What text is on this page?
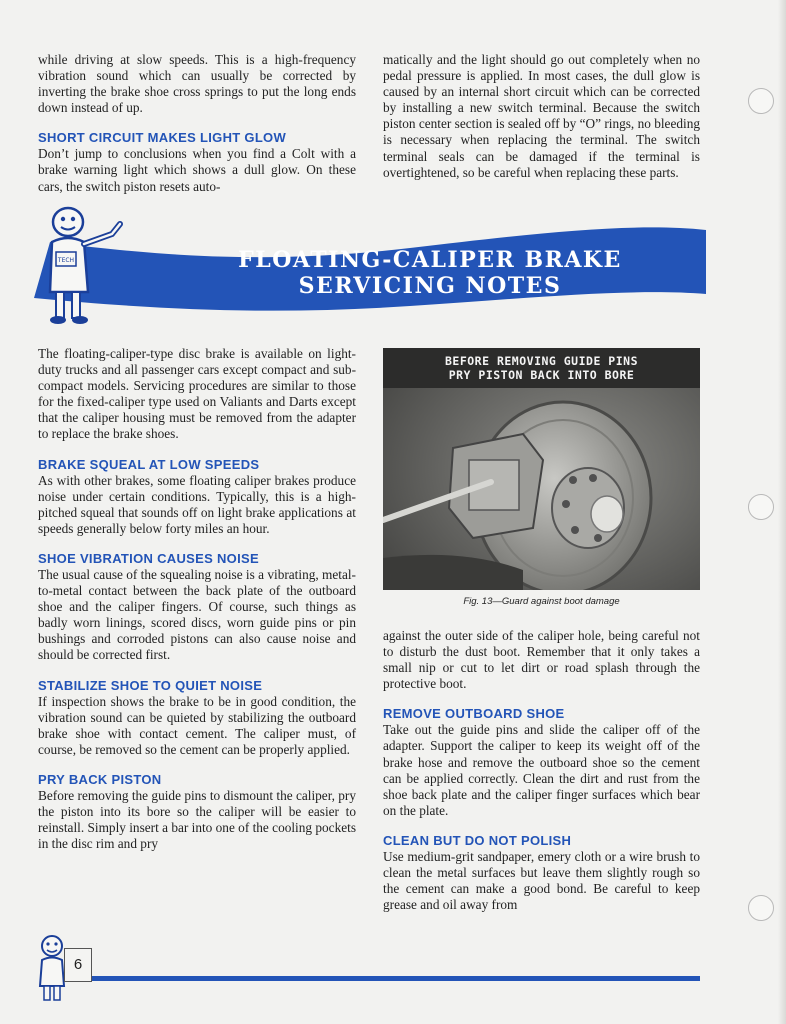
while driving at slow speeds. This is a high-frequency vibration sound which can usually be corrected by inverting the brake shoe cross springs to put the long ends down instead of up.

SHORT CIRCUIT MAKES LIGHT GLOW

Don’t jump to conclusions when you find a Colt with a brake warning light which shows a dull glow. On these cars, the switch piston resets auto-

matically and the light should go out completely when no pedal pressure is applied. In most cases, the dull glow is caused by an internal short circuit which can be corrected by installing a new switch terminal. Because the switch piston center section is sealed off by “O” rings, no bleeding is necessary when replacing the terminal. The switch terminal seals can be damaged if the terminal is overtightened, so be careful when replacing these parts.

TECH	FLOATING-CALIPER BRAKE
SERVICING NOTES

The floating-caliper-type disc brake is available on light-duty trucks and all passenger cars except compact and sub-compact models. Servicing procedures are similar to those for the fixed-caliper type used on Valiants and Darts except that the caliper housing must be removed from the adapter to replace the brake shoes.

BRAKE SQUEAL AT LOW SPEEDS

As with other brakes, some floating caliper brakes produce noise under certain conditions. Typically, this is a high-pitched squeal that sounds off on light brake applications at speeds generally below forty miles an hour.

SHOE VIBRATION CAUSES NOISE

The usual cause of the squealing noise is a vibrating, metal-to-metal contact between the back plate of the outboard shoe and the caliper fingers. Of course, such things as badly worn linings, scored discs, worn guide pins or pin bushings and corroded pistons can also cause noise and should be corrected first.

STABILIZE SHOE TO QUIET NOISE

If inspection shows the brake to be in good condition, the vibration sound can be quieted by stabilizing the outboard brake shoe with contact cement. The caliper must, of course, be removed so the cement can be properly applied.

PRY BACK PISTON

Before removing the guide pins to dismount the caliper, pry the piston into its bore so the caliper will be easier to reinstall. Simply insert a bar into one of the cooling pockets in the disc rim and pry

BEFORE REMOVING GUIDE PINS
PRY PISTON BACK INTO BORE
Fig. 13—Guard against boot damage

against the outer side of the caliper hole, being careful not to disturb the dust boot. Remember that it only takes a small nip or cut to let dirt or road splash through the protective boot.

REMOVE OUTBOARD SHOE

Take out the guide pins and slide the caliper off of the adapter. Support the caliper to keep its weight off of the brake hose and remove the outboard shoe so the cement can be applied correctly. Clean the dirt and rust from the shoe back plate and the caliper finger surfaces which bear on the plate.

CLEAN BUT DO NOT POLISH

Use medium-grit sandpaper, emery cloth or a wire brush to clean the metal surfaces but leave them slightly rough so the cement can make a good bond. Be careful to keep grease and oil away from

6
